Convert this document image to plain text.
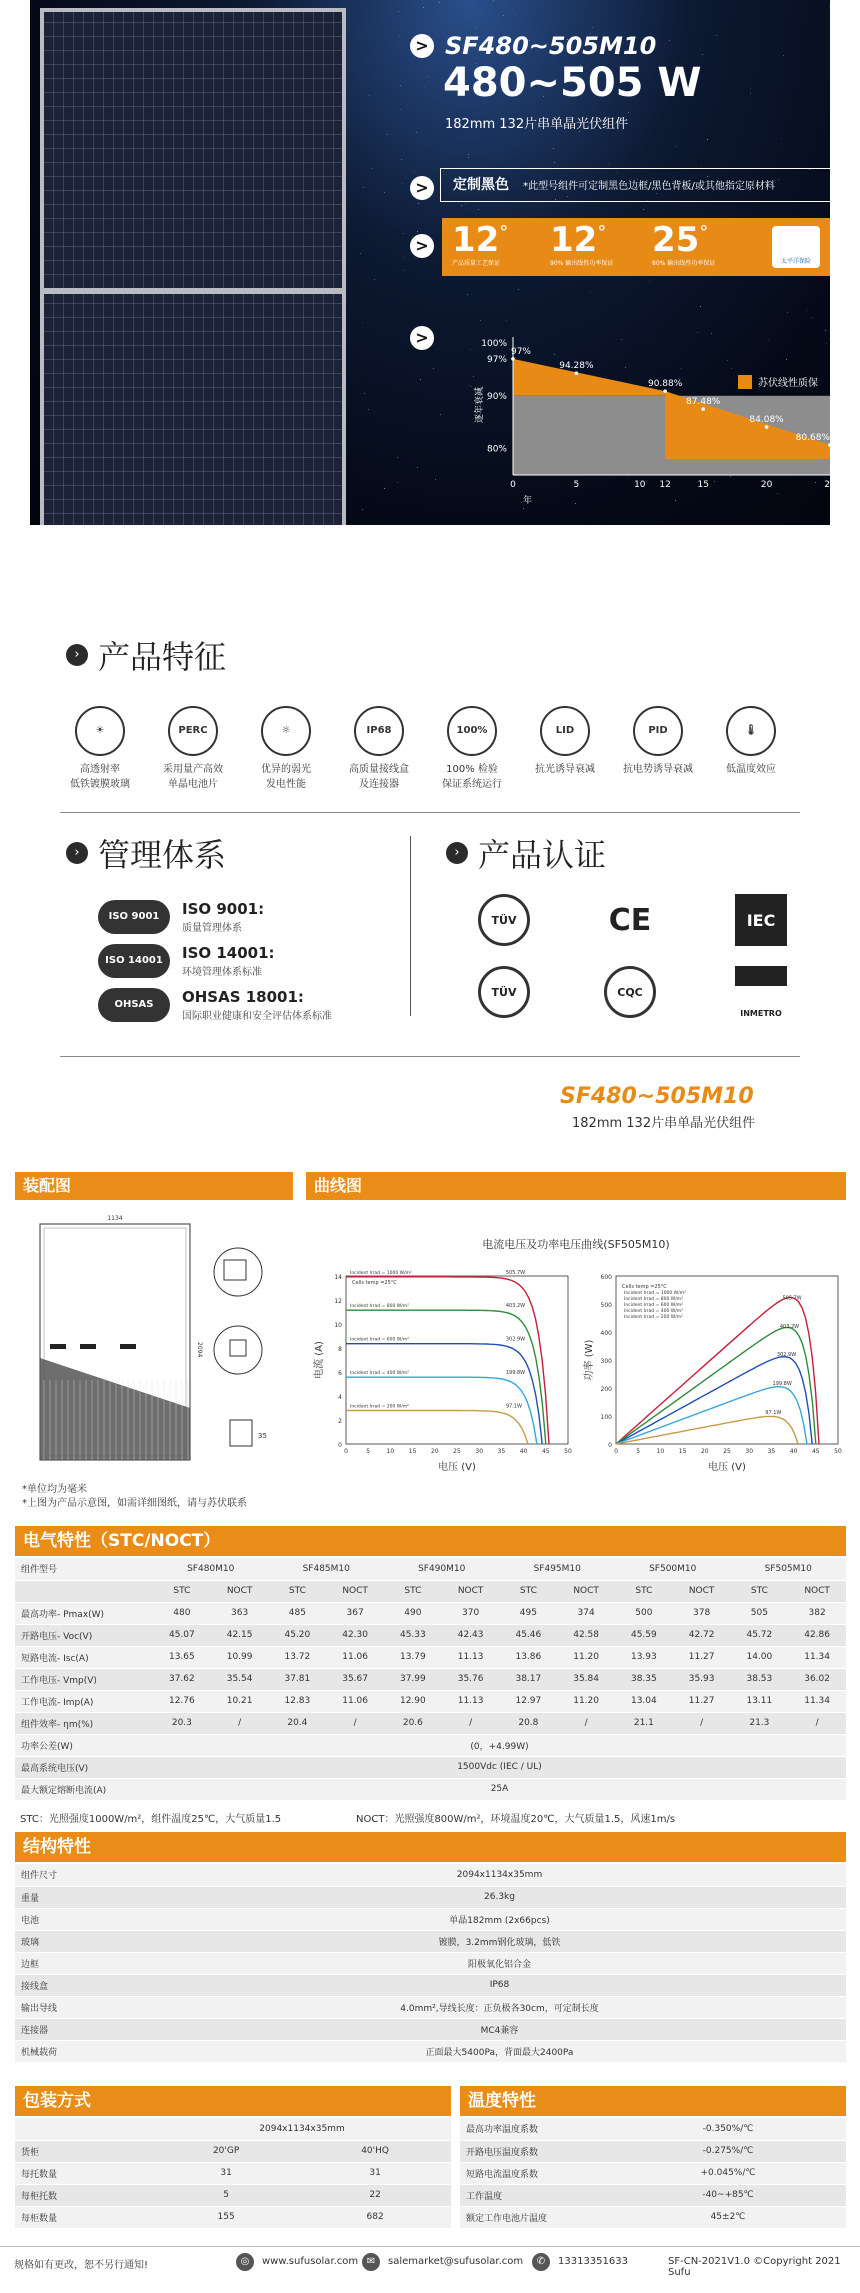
> SF480~505M10
480~505 W
182mm 132片串单晶光伏组件
>	定制黑色 *此型号组件可定制黑色边框/黑色背板/或其他指定原材料
> 12°
产品质量工艺保证
12°
90% 输出线性功率保证
25°
80% 输出线性功率保证	太平洋保险
>	100%
97%
90%
80%
0	5	10 12	15	20	25
97%
94.28%
90.88%
87.48%
84.08%
80.68%
逐年衰减
年
苏伏线性质保
› 产品特征
☀
高透射率
低铁镀膜玻璃
PERC
采用量产高效
单晶电池片
☼
优异的弱光
发电性能
IP68
高质量接线盒
及连接器
100%
100% 检验
保证系统运行
LID
抗光诱导衰减
PID
抗电势诱导衰减
🌡
低温度效应
› 管理体系	› 产品认证
ISO 9001	ISO 9001:
质量管理体系
ISO 14001	ISO 14001:
环境管理体系标准
OHSAS 18001
OHSAS 18001:
国际职业健康和安全评估体系标准
TÜV	CE	IEC
TÜV	CQC
INMETRO
SF480~505M10
182mm 132片串单晶光伏组件
装配图
1134
2094
35
*单位均为毫米
*上图为产品示意图，如需详细图纸，请与苏伏联系
曲线图
电流电压及功率电压曲线(SF505M10)
0
2
4
6
8
10
12
14
0	5	10 15 20 25 30 35 40 45 50
Incident Irrad = 1000 W/m²	505.7W
Incident Irrad = 800 W/m²	403.2W
Incident Irrad = 600 W/m²	302.9W
Incident Irrad = 400 W/m²	199.8W
Incident Irrad = 200 W/m²	97.1W
Cells temp =25°C
电流 (A)
电压 (V)
0
100
200
300
400
500
600
0	5	10 15 20 25 30 35 40 45 50
Incident Irrad = 1000 W/m²
505.7W
Incident Irrad = 800 W/m²
403.2W
Incident Irrad = 600 W/m²
302.9W
Incident Irrad = 400 W/m²
199.8W
Incident Irrad = 200 W/m²
97.1W
Cells temp =25°C
功率 (W)
电压 (V)
电气特性（STC/NOCT）
组件型号	SF480M10		SF485M10		SF490M10		SF495M10		SF500M10		SF505M10	
	STC	NOCT	STC	NOCT	STC	NOCT	STC	NOCT	STC	NOCT	STC	NOCT
最高功率- Pmax(W)	480	363	485	367	490	370	495	374	500	378	505	382
开路电压- Voc(V)	45.07	42.15	45.20	42.30	45.33	42.43	45.46	42.58	45.59	42.72	45.72	42.86
短路电流- Isc(A)	13.65	10.99	13.72	11.06	13.79	11.13	13.86	11.20	13.93	11.27	14.00	11.34
工作电压- Vmp(V)	37.62	35.54	37.81	35.67	37.99	35.76	38.17	35.84	38.35	35.93	38.53	36.02
工作电流- Imp(A)	12.76	10.21	12.83	11.06	12.90	11.13	12.97	11.20	13.04	11.27	13.11	11.34
组件效率- ηm(%)	20.3	/	20.4	/	20.6	/	20.8	/	21.1	/	21.3	/
功率公差(W)	(0，+4.99W)											
最高系统电压(V)	1500Vdc (IEC / UL)											
最大额定熔断电流(A)	25A											
STC：光照强度1000W/m²，组件温度25℃，大气质量1.5	NOCT：光照强度800W/m²，环境温度20℃，大气质量1.5，风速1m/s
结构特性
组件尺寸	2094x1134x35mm
重量	26.3kg
电池	单晶182mm (2x66pcs)
玻璃	镀膜，3.2mm钢化玻璃，低铁
边框	阳极氧化铝合金
接线盒	IP68
输出导线	4.0mm²,导线长度：正负极各30cm，可定制长度
连接器	MC4兼容
机械载荷	正面最大5400Pa，背面最大2400Pa
包装方式
	2094x1134x35mm	
货柜	20'GP	40'HQ
每托数量	31	31
每柜托数	5	22
每柜数量	155	682
温度特性
最高功率温度系数	-0.350%/℃
开路电压温度系数	-0.275%/℃
短路电流温度系数	+0.045%/℃
工作温度	-40~+85℃
额定工作电池片温度	45±2℃
规格如有更改，恕不另行通知!	◎	www.sufusolar.com ✉	salemarket@sufusolar.com	✆	13313351633	SF-CN-2021V1.0 ©Copyright 2021 Sufu
